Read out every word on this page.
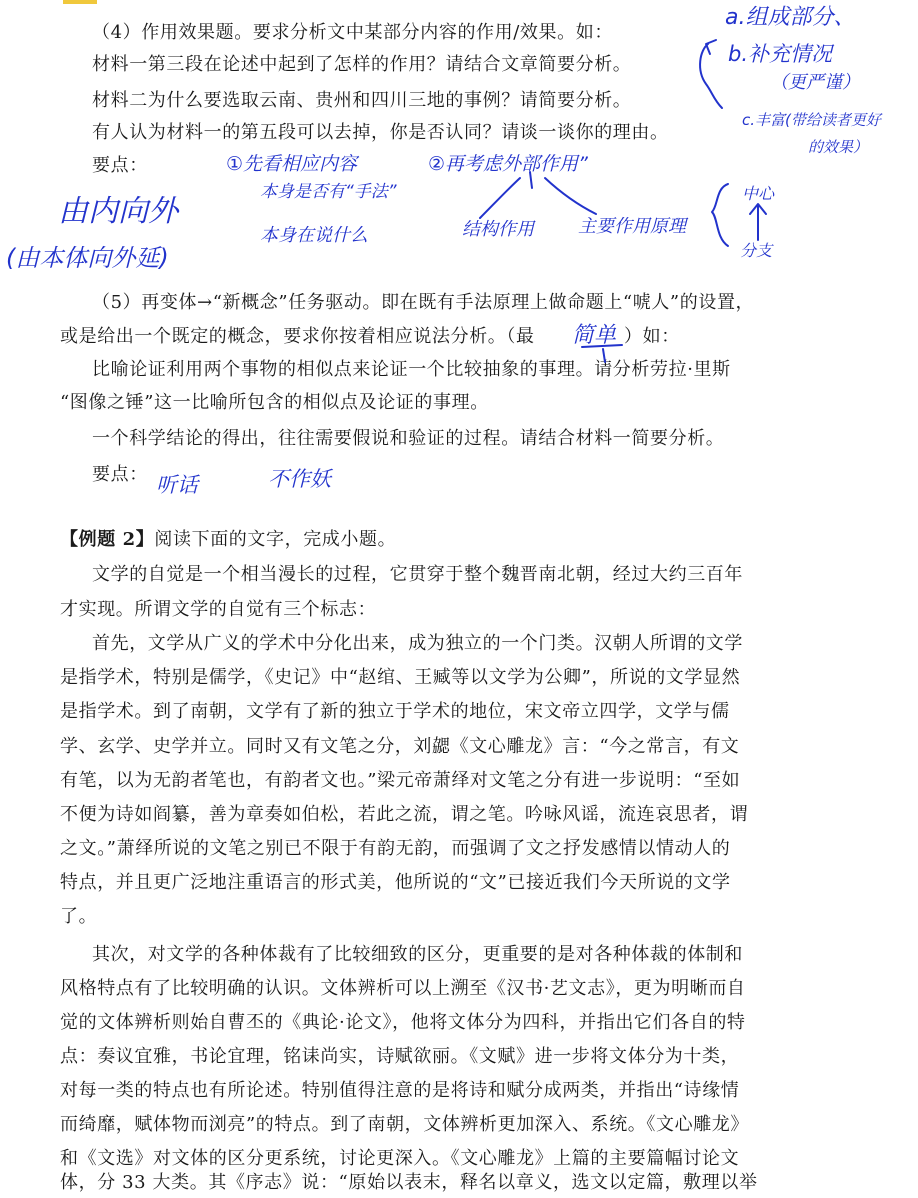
（4）作用效果题。要求分析文中某部分内容的作用/效果。如：
材料一第三段在论述中起到了怎样的作用？请结合文章简要分析。
材料二为什么要选取云南、贵州和四川三地的事例？请简要分析。
有人认为材料一的第五段可以去掉，你是否认同？请谈一谈你的理由。
要点：
（5）再变体→“新概念”任务驱动。即在既有手法原理上做命题上“唬人”的设置，
或是给出一个既定的概念，要求你按着相应说法分析。（最	）如：
比喻论证利用两个事物的相似点来论证一个比较抽象的事理。请分析劳拉·里斯
“图像之锤”这一比喻所包含的相似点及论证的事理。
一个科学结论的得出，往往需要假说和验证的过程。请结合材料一简要分析。
要点：
【例题 2】阅读下面的文字，完成小题。
文学的自觉是一个相当漫长的过程，它贯穿于整个魏晋南北朝，经过大约三百年
才实现。所谓文学的自觉有三个标志：
首先，文学从广义的学术中分化出来，成为独立的一个门类。汉朝人所谓的文学
是指学术，特别是儒学，《史记》中“赵绾、王臧等以文学为公卿”，所说的文学显然
是指学术。到了南朝，文学有了新的独立于学术的地位，宋文帝立四学，文学与儒
学、玄学、史学并立。同时又有文笔之分，刘勰《文心雕龙》言：“今之常言，有文
有笔，以为无韵者笔也，有韵者文也。”梁元帝萧绎对文笔之分有进一步说明：“至如
不便为诗如阎纂，善为章奏如伯松，若此之流，谓之笔。吟咏风谣，流连哀思者，谓
之文。”萧绎所说的文笔之别已不限于有韵无韵，而强调了文之抒发感情以情动人的
特点，并且更广泛地注重语言的形式美，他所说的“文”已接近我们今天所说的文学
了。
其次，对文学的各种体裁有了比较细致的区分，更重要的是对各种体裁的体制和
风格特点有了比较明确的认识。文体辨析可以上溯至《汉书·艺文志》，更为明晰而自
觉的文体辨析则始自曹丕的《典论·论文》，他将文体分为四科，并指出它们各自的特
点：奏议宜雅，书论宜理，铭诔尚实，诗赋欲丽。《文赋》进一步将文体分为十类，
对每一类的特点也有所论述。特别值得注意的是将诗和赋分成两类，并指出“诗缘情
而绮靡，赋体物而浏亮”的特点。到了南朝，文体辨析更加深入、系统。《文心雕龙》
和《文选》对文体的区分更系统，讨论更深入。《文心雕龙》上篇的主要篇幅讨论文
体，分 33 大类。其《序志》说：“原始以表末，释名以章义，选文以定篇，敷理以举
a.组成部分、
b.补充情况
（更严谨）
c.丰富(带给读者更好
的效果）
①先看相应内容
本身是否有“手法”
本身在说什么
②再考虑外部作用”
由内向外
(由本体向外延)
结构作用 主要作用原理
中心
分支
简单
听话	不作妖
